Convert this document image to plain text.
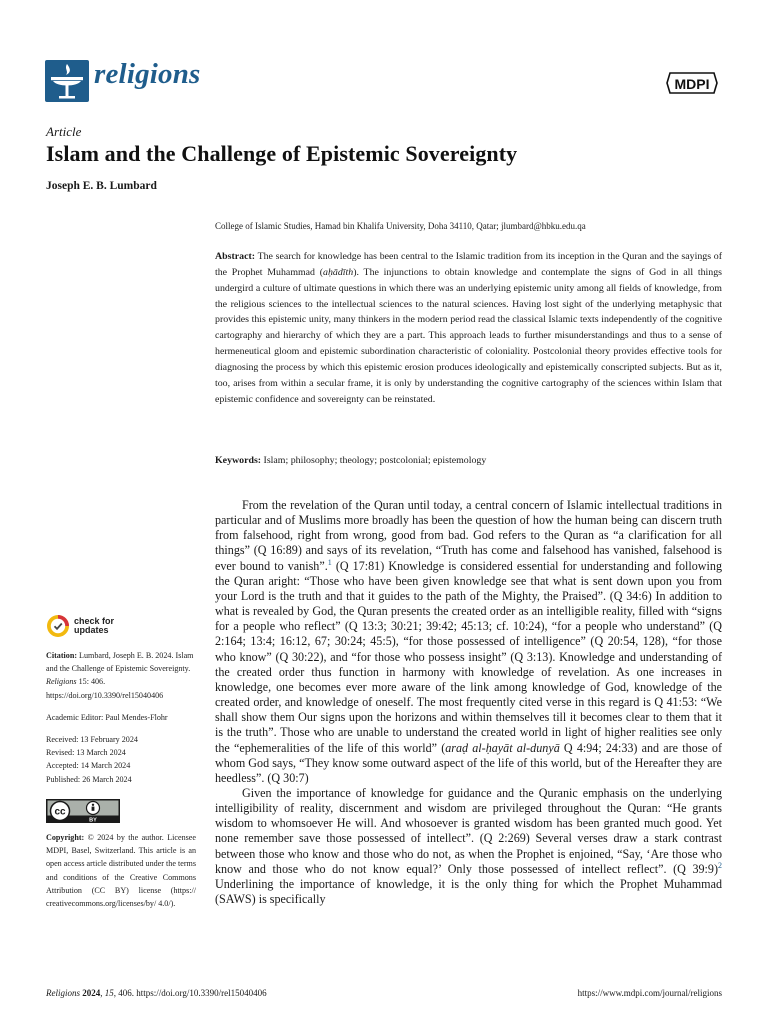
religions	MDPI
Article
Islam and the Challenge of Epistemic Sovereignty
Joseph E. B. Lumbard
College of Islamic Studies, Hamad bin Khalifa University, Doha 34110, Qatar; jlumbard@hbku.edu.qa
Abstract: The search for knowledge has been central to the Islamic tradition from its inception in the Quran and the sayings of the Prophet Muhammad (aḥādīth). The injunctions to obtain knowledge and contemplate the signs of God in all things undergird a culture of ultimate questions in which there was an underlying epistemic unity among all fields of knowledge, from the religious sciences to the intellectual sciences to the natural sciences. Having lost sight of the underlying metaphysic that provides this epistemic unity, many thinkers in the modern period read the classical Islamic texts independently of the cognitive cartography and hierarchy of which they are a part. This approach leads to further misunderstandings and thus to a sense of hermeneutical gloom and epistemic subordination characteristic of coloniality. Postcolonial theory provides effective tools for diagnosing the process by which this epistemic erosion produces ideologically and epistemically conscripted subjects. But as it, too, arises from within a secular frame, it is only by understanding the cognitive cartography of the sciences within Islam that epistemic confidence and sovereignty can be reinstated.
Keywords: Islam; philosophy; theology; postcolonial; epistemology

From the revelation of the Quran until today, a central concern of Islamic intellectual traditions in particular and of Muslims more broadly has been the question of how the human being can discern truth from falsehood, right from wrong, good from bad. God refers to the Quran as “a clarification for all things” (Q 16:89) and says of its revelation, “Truth has come and falsehood has vanished, falsehood is ever bound to vanish”.$^1$ (Q 17:81) Knowledge is considered essential for understanding and following the Quran aright: “Those who have been given knowledge see that what is sent down upon you from your Lord is the truth and that it guides to the path of the Mighty, the Praised”. (Q 34:6) In addition to what is revealed by God, the Quran presents the created order as an intelligible reality, filled with “signs for a people who reflect” (Q 13:3; 30:21; 39:42; 45:13; cf. 10:24), “for a people who understand” (Q 2:164; 13:4; 16:12, 67; 30:24; 45:5), “for those possessed of intelligence” (Q 20:54, 128), “for those who know” (Q 30:22), and “for those who possess insight” (Q 3:13). Knowledge and understanding of the created order thus function in harmony with knowledge of revelation. As one increases in knowledge, one becomes ever more aware of the link among knowledge of God, knowledge of the created order, and knowledge of oneself. The most frequently cited verse in this regard is Q 41:53: “We shall show them Our signs upon the horizons and within themselves till it becomes clear to them that it is the truth”. Those who are unable to understand the created world in light of higher realities see only the “ephemeralities of the life of this world” (araḍ al-ḥayāt al-dunyā Q 4:94; 24:33) and are those of whom God says, “They know some outward aspect of the life of this world, but of the Hereafter they are heedless”. (Q 30:7)

Given the importance of knowledge for guidance and the Quranic emphasis on the underlying intelligibility of reality, discernment and wisdom are privileged throughout the Quran: “He grants wisdom to whomsoever He will. And whosoever is granted wisdom has been granted much good. Yet none remember save those possessed of intellect”. (Q 2:269) Several verses draw a stark contrast between those who know and those who do not, as when the Prophet is enjoined, “Say, ‘Are those who know and those who do not know equal?’ Only those possessed of intellect reflect”. (Q 39:9)$^2$ Underlining the importance of knowledge, it is the only thing for which the Prophet Muhammad (SAWS) is specifically

check for
updates

Citation: Lumbard, Joseph E. B. 2024. Islam and the Challenge of Epistemic Sovereignty. Religions 15: 406. https://doi.org/10.3390/rel15040406

Academic Editor: Paul Mendes-Flohr

Received: 13 February 2024

Revised: 13 March 2024

Accepted: 14 March 2024

Published: 26 March 2024

cc
BY

Copyright: © 2024 by the author. Licensee MDPI, Basel, Switzerland. This article is an open access article distributed under the terms and conditions of the Creative Commons Attribution (CC BY) license (https:// creativecommons.org/licenses/by/ 4.0/).

Religions 2024, 15, 406. https://doi.org/10.3390/rel15040406	https://www.mdpi.com/journal/religions
